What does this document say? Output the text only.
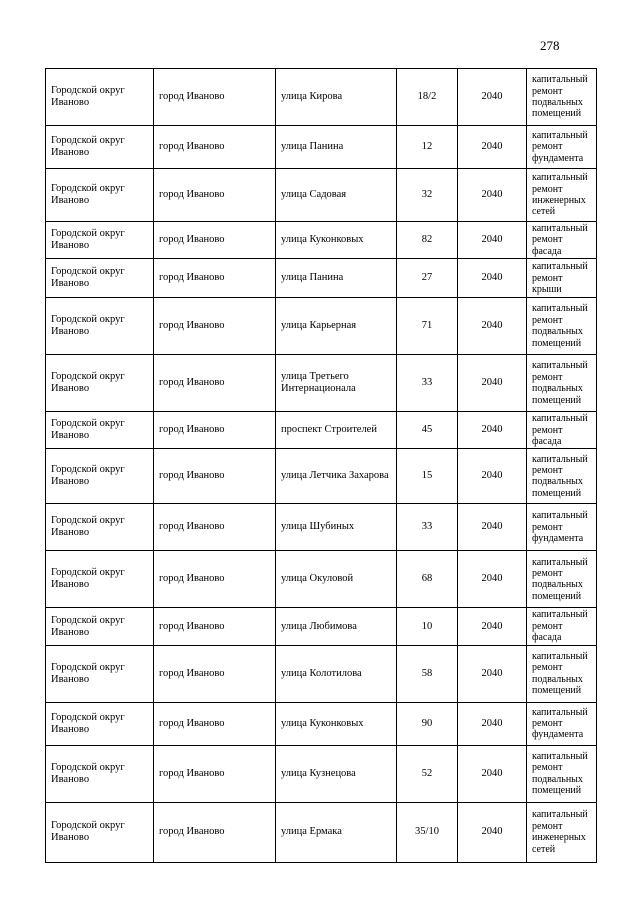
278
Городской округ Иваново	город Иваново	улица Кирова	18/2	2040	капитальный ремонт подвальных помещений
Городской округ Иваново	город Иваново	улица Панина	12	2040	капитальный ремонт фундамента
Городской округ Иваново	город Иваново	улица Садовая	32	2040	капитальный ремонт инженерных сетей
Городской округ Иваново	город Иваново	улица Куконковых	82	2040	капитальный ремонт фасада
Городской округ Иваново	город Иваново	улица Панина	27	2040	капитальный ремонт крыши
Городской округ Иваново	город Иваново	улица Карьерная	71	2040	капитальный ремонт подвальных помещений
Городской округ Иваново	город Иваново	улица Третьего Интернационала	33	2040	капитальный ремонт подвальных помещений
Городской округ Иваново	город Иваново	проспект Строителей	45	2040	капитальный ремонт фасада
Городской округ Иваново	город Иваново	улица Летчика Захарова	15	2040	капитальный ремонт подвальных помещений
Городской округ Иваново	город Иваново	улица Шубиных	33	2040	капитальный ремонт фундамента
Городской округ Иваново	город Иваново	улица Окуловой	68	2040	капитальный ремонт подвальных помещений
Городской округ Иваново	город Иваново	улица Любимова	10	2040	капитальный ремонт фасада
Городской округ Иваново	город Иваново	улица Колотилова	58	2040	капитальный ремонт подвальных помещений
Городской округ Иваново	город Иваново	улица Куконковых	90	2040	капитальный ремонт фундамента
Городской округ Иваново	город Иваново	улица Кузнецова	52	2040	капитальный ремонт подвальных помещений
Городской округ Иваново	город Иваново	улица Ермака	35/10	2040	капитальный ремонт инженерных сетей
